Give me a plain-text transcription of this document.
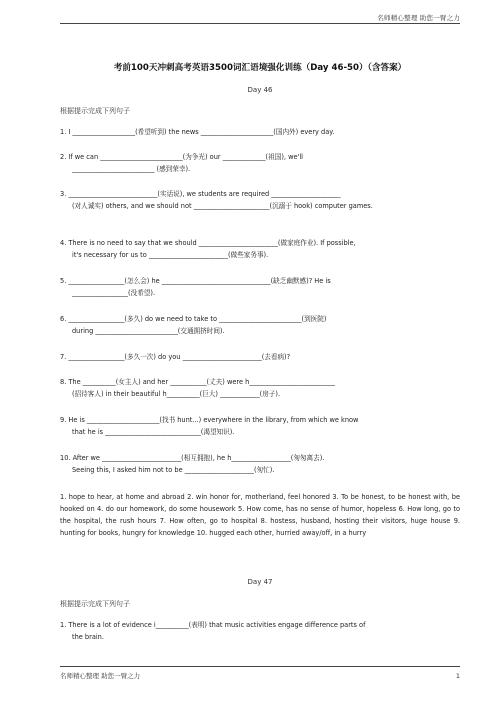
名师精心整理 助您一臂之力
考前100天冲刺高考英语3500词汇语境强化训练（Day 46-50）（含答案）
Day 46
根据提示完成下列句子
1. I ___________________(希望听到) the news ______________________(国内外) every day.
2. If we can _________________________(为争光) our _____________(祖国), we'll
_________________________ (感到荣幸).
3. ___________________________(实话说), we students are required _____________________
(对人诚实) others, and we should not _______________________(沉溺于 hook) computer games.
4. There is no need to say that we should ________________________(做家庭作业). If possible,
it's necessary for us to ________________________(做些家务事).
5. _________________(怎么会) he _________________________________(缺乏幽默感)? He is
_________________(没希望).
6. _________________(多久) do we need to take to _________________________(到医院)
during _________________________(交通拥挤时间).
7. _________________(多久一次) do you ________________________(去看病)?
8. The __________(女主人) and her ___________(丈夫) were h__________________________
(招待客人) in their beautiful h__________(巨大) ____________(房子).
9. He is ______________________(找书 hunt...) everywhere in the library, from which we know
that he is _____________________________(渴望知识).
10. After we ________________________(相互拥抱), he h__________________(匆匆离去).
Seeing this, I asked him not to be _____________________(匆忙).
1. hope to hear, at home and abroad 2. win honor for, motherland, feel honored 3. To be honest, to be honest with, be hooked on 4. do our homework, do some housework 5. How come, has no sense of humor, hopeless 6. How long, go to the hospital, the rush hours 7. How often, go to hospital 8. hostess, husband, hosting their visitors, huge house 9. hunting for books, hungry for knowledge 10. hugged each other, hurried away/off, in a hurry
Day 47
根据提示完成下列句子
1. There is a lot of evidence i__________(表明) that music activities engage difference parts of
the brain.
名师精心整理 助您一臂之力	1
